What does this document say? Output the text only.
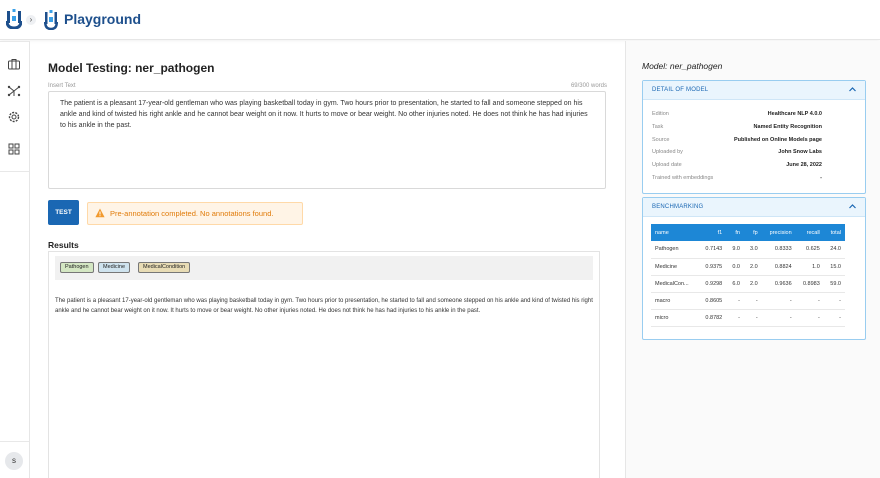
› Playground
s
Model Testing: ner_pathogen
Insert Text	69/300 words
The patient is a pleasant 17-year-old gentleman who was playing basketball today in gym. Two hours prior to presentation, he started to fall and someone stepped on his ankle and kind of twisted his right ankle and he cannot bear weight on it now. It hurts to move or bear weight. No other injuries noted. He does not think he has had injuries to his ankle in the past.
TEST	Pre-annotation completed. No annotations found.
Results
Pathogen	Medicine	MedicalCondition
The patient is a pleasant 17-year-old gentleman who was playing basketball today in gym. Two hours prior to presentation, he started to fall and someone stepped on his ankle and kind of twisted his right ankle and he cannot bear weight on it now. It hurts to move or bear weight. No other injuries noted. He does not think he has had injuries to his ankle in the past.
Model: ner_pathogen
DETAIL OF MODEL
Edition	Healthcare NLP 4.0.0
Task	Named Entity Recognition
Source	Published on Online Models page
Uploaded by	John Snow Labs
Upload date	June 28, 2022
Trained with embeddings	-
BENCHMARKING
name	f1	fn	fp	precision	recall	total
Pathogen	0.7143	9.0	3.0	0.8333	0.625	24.0
Medicine	0.9375	0.0	2.0	0.8824	1.0	15.0
MedicalCon...	0.9298	6.0	2.0	0.9636	0.8983	59.0
macro	0.8605	-	-	-	-	-
micro	0.8782	-	-	-	-	-
